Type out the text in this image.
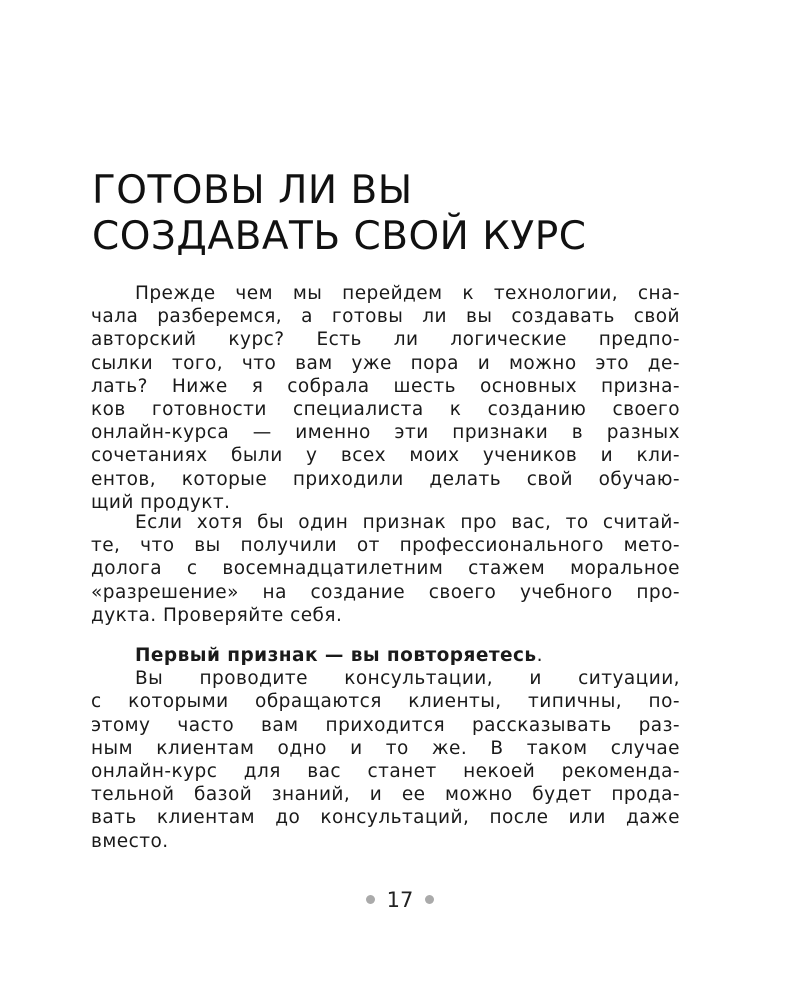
ГОТОВЫ ЛИ ВЫ
СОЗДАВАТЬ СВОЙ КУРС
Прежде чем мы перейдем к технологии, сна-
чала разберемся, а готовы ли вы создавать свой
авторский курс? Есть ли логические предпо-
сылки того, что вам уже пора и можно это де-
лать? Ниже я собрала шесть основных призна-
ков готовности специалиста к созданию своего
онлайн-курса — именно эти признаки в разных
сочетаниях были у всех моих учеников и кли-
ентов, которые приходили делать свой обучаю-
щий продукт.
Если хотя бы один признак про вас, то считай-
те, что вы получили от профессионального мето-
долога с восемнадцатилетним стажем моральное
«разрешение» на создание своего учебного про-
дукта. Проверяйте себя.
Первый признак — вы повторяетесь.
Вы проводите консультации, и ситуации,
с которыми обращаются клиенты, типичны, по-
этому часто вам приходится рассказывать раз-
ным клиентам одно и то же. В таком случае
онлайн-курс для вас станет некоей рекоменда-
тельной базой знаний, и ее можно будет прода-
вать клиентам до консультаций, после или даже
вместо.
17
